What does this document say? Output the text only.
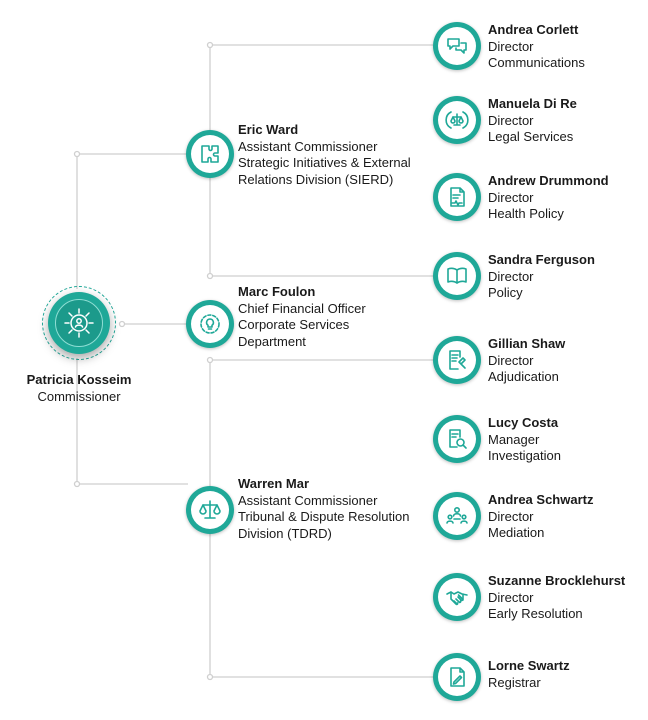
Patricia Kosseim
Commissioner
Eric Ward
Assistant Commissioner
Strategic Initiatives & External
Relations Division (SIERD)
Marc Foulon
Chief Financial Officer
Corporate Services
Department
Warren Mar
Assistant Commissioner
Tribunal & Dispute Resolution
Division (TDRD)
Andrea Corlett
Director
Communications
Manuela Di Re
Director
Legal Services
Andrew Drummond
Director
Health Policy
Sandra Ferguson
Director
Policy
Gillian Shaw
Director
Adjudication
Lucy Costa
Manager
Investigation
Andrea Schwartz
Director
Mediation
Suzanne Brocklehurst
Director
Early Resolution
Lorne Swartz
Registrar
